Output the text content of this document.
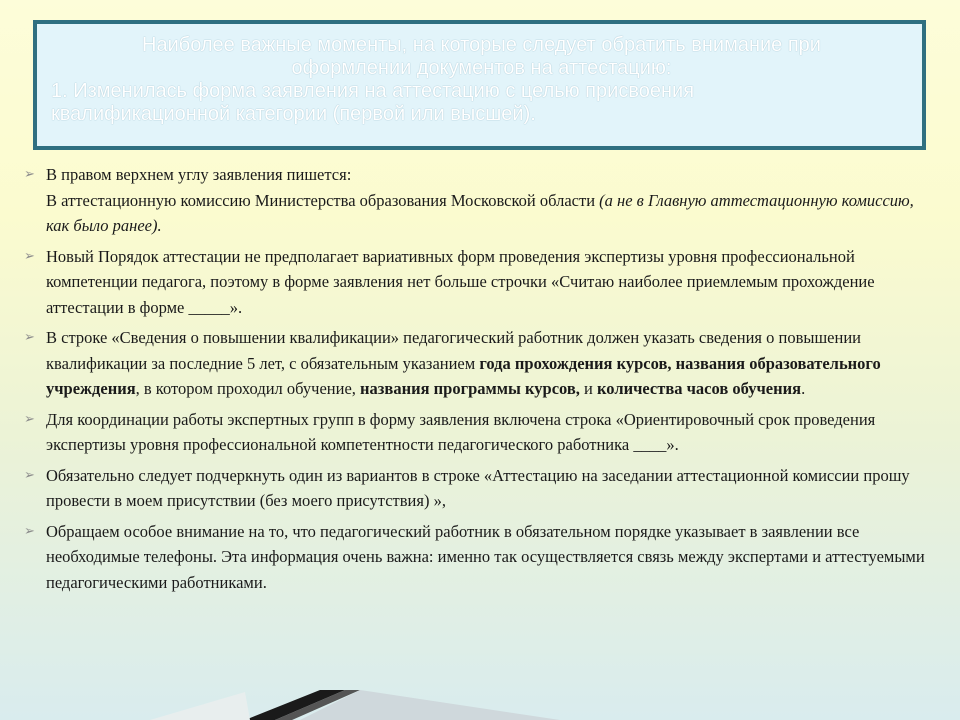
Наиболее важные моменты, на которые следует обратить внимание при
оформлении документов на аттестацию:
1. Изменилась форма заявления на аттестацию с целью присвоения
квалификационной категории (первой или высшей).
➢ В правом верхнем углу заявления пишется:
В аттестационную комиссию Министерства образования Московской области (а не в Главную аттестационную комиссию, как было ранее).
➢ Новый Порядок аттестации не предполагает вариативных форм проведения экспертизы уровня профессиональной компетенции педагога, поэтому в форме заявления нет больше строчки «Считаю наиболее приемлемым прохождение аттестации в форме _____».
➢ В строке «Сведения о повышении квалификации» педагогический работник должен указать сведения о повышении квалификации за последние 5 лет, с обязательным указанием года прохождения курсов, названия образовательного учреждения, в котором проходил обучение, названия программы курсов, и количества часов обучения.
➢ Для координации работы экспертных групп в форму заявления включена строка «Ориентировочный срок проведения экспертизы уровня профессиональной компетентности педагогического работника ____».
➢ Обязательно следует подчеркнуть один из вариантов в строке «Аттестацию на заседании аттестационной комиссии прошу провести в моем присутствии (без моего присутствия) »,
➢ Обращаем особое внимание на то, что педагогический работник в обязательном порядке указывает в заявлении все необходимые телефоны. Эта информация очень важна: именно так осуществляется связь между экспертами и аттестуемыми педагогическими работниками.
